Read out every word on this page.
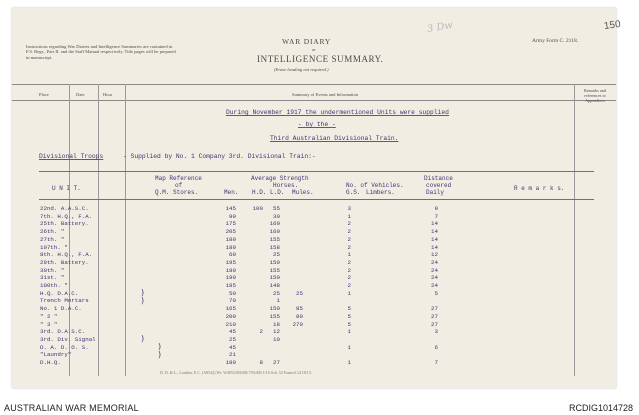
Instructions regarding War Diaries and Intelligence Summaries are contained in F.S. Regs., Part II. and the Staff Manual respectively. Title pages will be prepared in manuscript.
WAR DIARY
or
INTELLIGENCE SUMMARY.
(Erase heading not required.)
Army Form C. 2118.
150
3 Dw
Place	Date	Hour	Summary of Events and Information
Remarks and references to Appendices
During November 1917 the undermentioned Units were supplied
- by the -
Third Australian Divisional Train.
Divisional Troops	- Supplied by No. 1 Company 3rd. Divisional Train:-
U N I T.
Map Reference
of
Q.M. Stores.	Men.
Average Strength
Horses.
H.D. L.D. Mules.
No. of Vehicles.
G.S. Limbers.
Distance
covered
Daily
R e m a r k s.
22nd. A.A.S.C.	145	100 55	3	9
7th. H.Q., F.A.	90	30	1	7
25th. Battery.	175	160	2	14
26th. "	205	160	2	14
27th. "	180	155	2	14
107th. "	180	158	2	14
8th. H.Q., F.A.	60	25	1	12
29th. Battery.	195	150	2	24
30th. "	180	155	2	24
31st. "	190	150	2	24
100th. "	185	148	2	24
H.Q. D.A.C.	50	25	25	1	5
Trench Mortars	70	1
No. 1 D.A.C.	165	150	85	5	27
" 2 "	200	155	80	5	27
" 3 "	210	18 270	5	27
3rd. D.A.S.C.	45	2 12	1	3
3rd. Div. Signal	25	10
D. A. D. O. S.	45	1	6
"Laundry"	21
D.H.Q.	180	8 27	1	7
)
)
)
)
)
D. D. & L., London, E.C. (A8542) Wt. W4852/M1686 750,000 1/16 Sch. 52 Forms/C2118/13.
AUSTRALIAN WAR MEMORIAL	RCDIG1014728
